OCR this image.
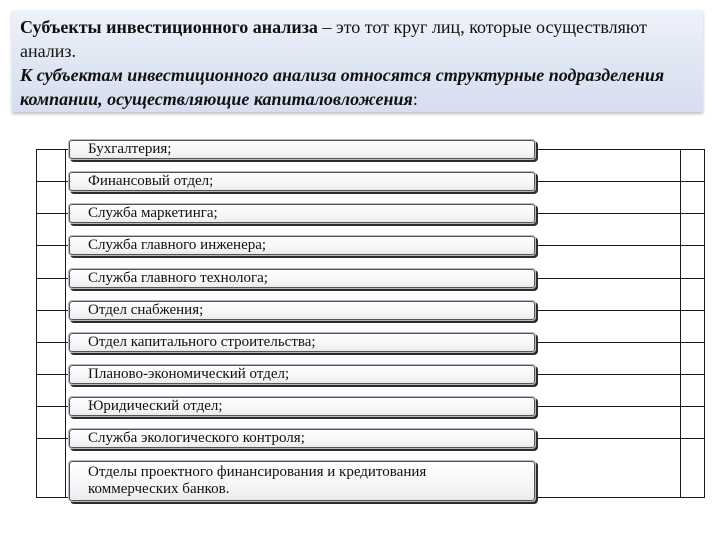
Субъекты инвестиционного анализа – это тот круг лиц, которые осуществляют анализ.

К субъектам инвестиционного анализа относятся структурные подразделения компании, осуществляющие капиталовложения:

Бухгалтерия;
Финансовый отдел;
Служба маркетинга;
Служба главного инженера;
Служба главного технолога;
Отдел снабжения;
Отдел капитального строительства;
Планово-экономический отдел;
Юридический отдел;
Служба экологического контроля;
Отделы проектного финансирования и кредитования
коммерческих банков.
